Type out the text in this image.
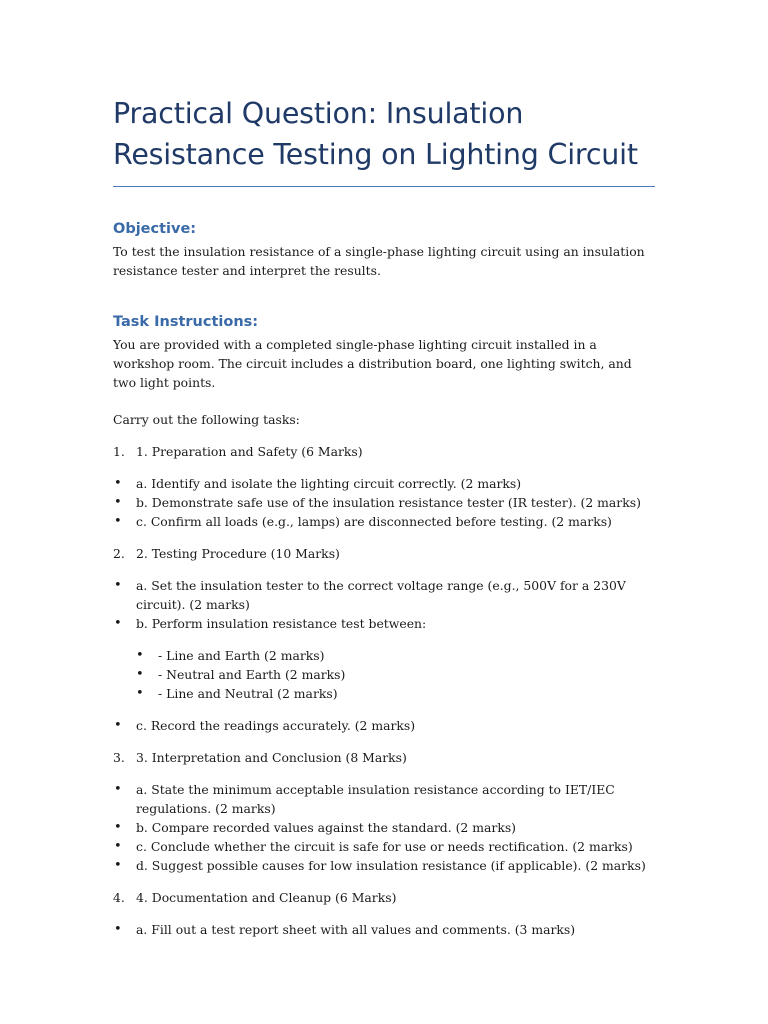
Practical Question: Insulation Resistance Testing on Lighting Circuit
Objective:

To test the insulation resistance of a single-phase lighting circuit using an insulation resistance tester and interpret the results.

Task Instructions:

You are provided with a completed single-phase lighting circuit installed in a workshop room. The circuit includes a distribution board, one lighting switch, and two light points.

Carry out the following tasks:

1. 1. Preparation and Safety (6 Marks)
• a. Identify and isolate the lighting circuit correctly. (2 marks)
• b. Demonstrate safe use of the insulation resistance tester (IR tester). (2 marks)
• c. Confirm all loads (e.g., lamps) are disconnected before testing. (2 marks)
2. 2. Testing Procedure (10 Marks)
• a. Set the insulation tester to the correct voltage range (e.g., 500V for a 230V circuit). (2 marks)
• b. Perform insulation resistance test between:
• - Line and Earth (2 marks)
• - Neutral and Earth (2 marks)
• - Line and Neutral (2 marks)
• c. Record the readings accurately. (2 marks)
3. 3. Interpretation and Conclusion (8 Marks)
• a. State the minimum acceptable insulation resistance according to IET/IEC regulations. (2 marks)
• b. Compare recorded values against the standard. (2 marks)
• c. Conclude whether the circuit is safe for use or needs rectification. (2 marks)
• d. Suggest possible causes for low insulation resistance (if applicable). (2 marks)
4. 4. Documentation and Cleanup (6 Marks)
• a. Fill out a test report sheet with all values and comments. (3 marks)
